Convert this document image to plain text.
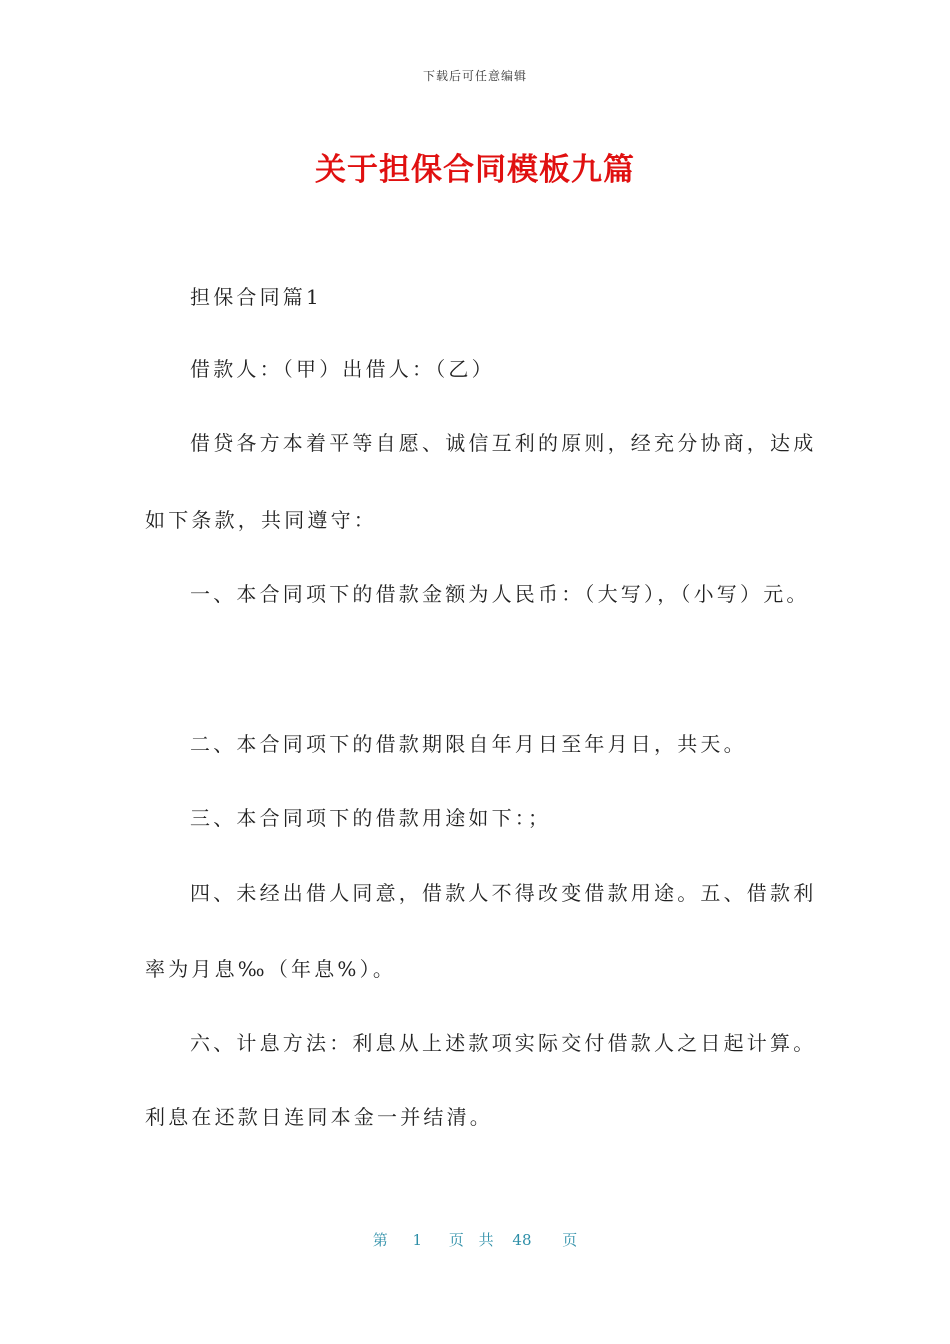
下载后可任意编辑
关于担保合同模板九篇
担保合同篇1
借款人：（甲）出借人：（乙）
借贷各方本着平等自愿、诚信互利的原则，经充分协商，达成
如下条款，共同遵守：
一、本合同项下的借款金额为人民币：（大写），（小写）元。
二、本合同项下的借款期限自年月日至年月日，共天。
三、本合同项下的借款用途如下：；
四、未经出借人同意，借款人不得改变借款用途。五、借款利
率为月息‰（年息%）。
六、计息方法：利息从上述款项实际交付借款人之日起计算。
利息在还款日连同本金一并结清。
第 1 页 共 48 页
